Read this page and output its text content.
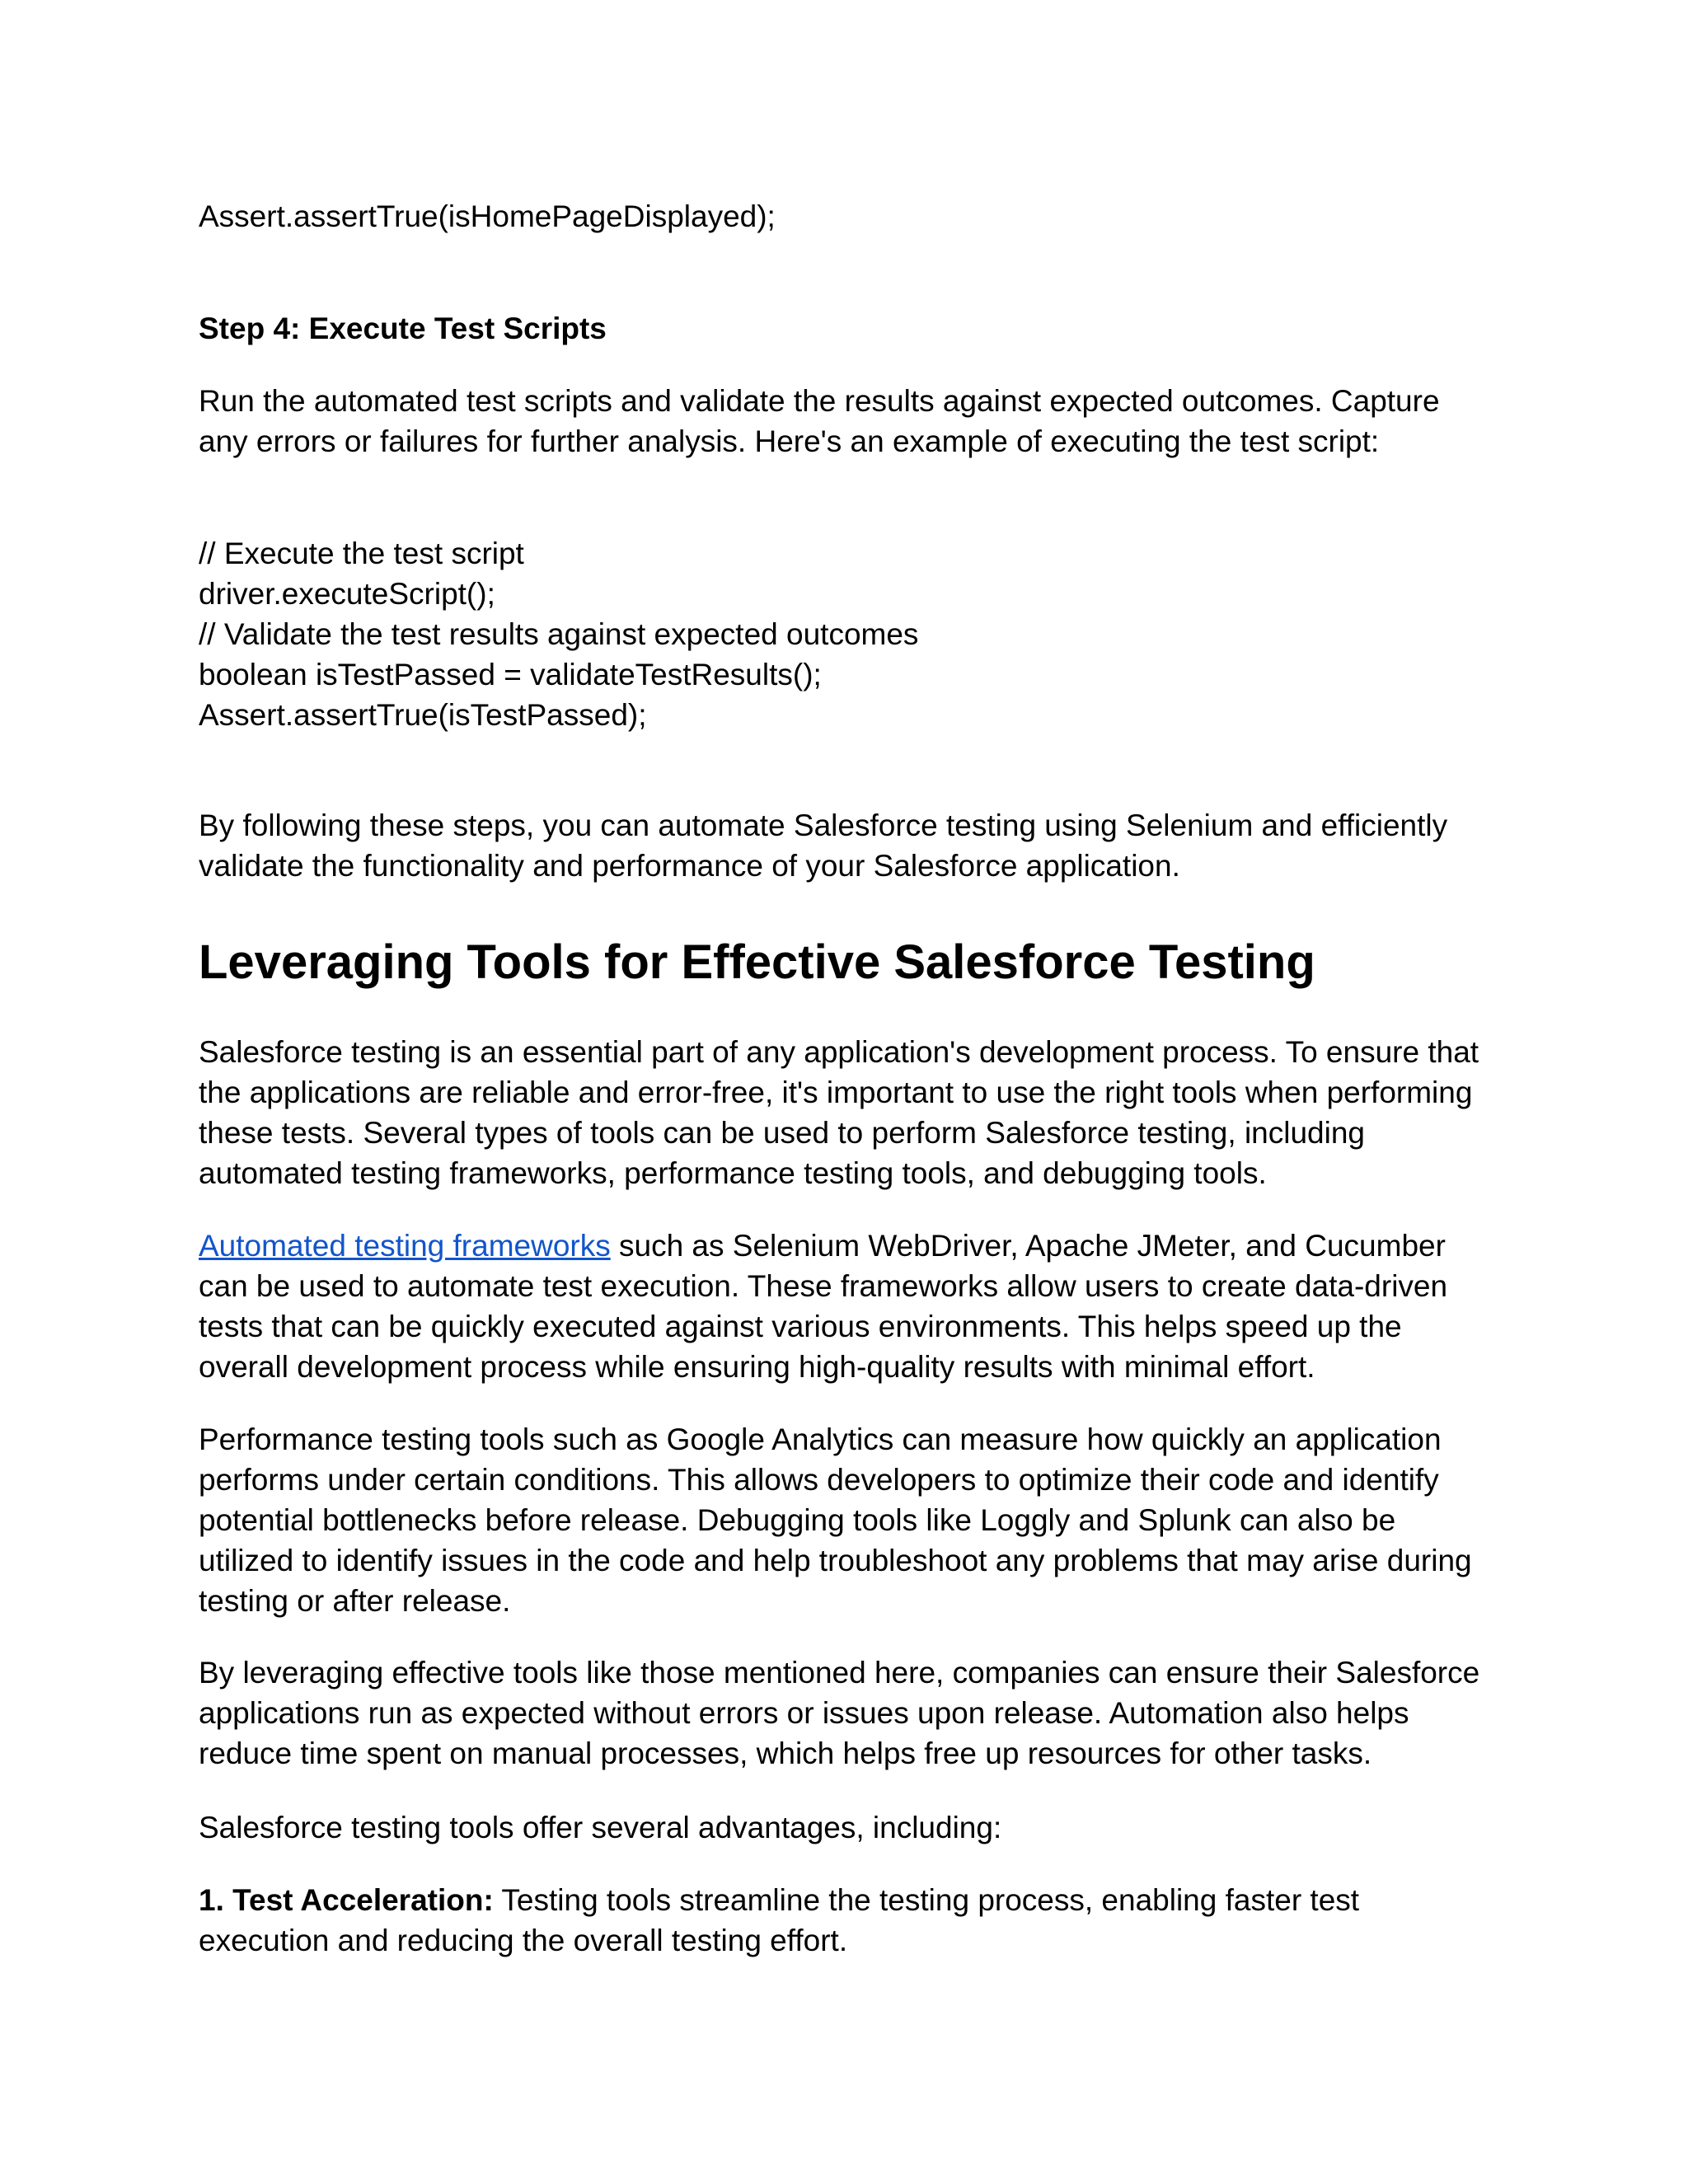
Assert.assertTrue(isHomePageDisplayed);

Step 4: Execute Test Scripts

Run the automated test scripts and validate the results against expected outcomes. Capture

any errors or failures for further analysis. Here's an example of executing the test script:

// Execute the test script

driver.executeScript();

// Validate the test results against expected outcomes

boolean isTestPassed = validateTestResults();

Assert.assertTrue(isTestPassed);

By following these steps, you can automate Salesforce testing using Selenium and efficiently

validate the functionality and performance of your Salesforce application.

Leveraging Tools for Effective Salesforce Testing

Salesforce testing is an essential part of any application's development process. To ensure that

the applications are reliable and error-free, it's important to use the right tools when performing

these tests. Several types of tools can be used to perform Salesforce testing, including

automated testing frameworks, performance testing tools, and debugging tools.

Automated testing frameworks such as Selenium WebDriver, Apache JMeter, and Cucumber

can be used to automate test execution. These frameworks allow users to create data-driven

tests that can be quickly executed against various environments. This helps speed up the

overall development process while ensuring high-quality results with minimal effort.

Performance testing tools such as Google Analytics can measure how quickly an application

performs under certain conditions. This allows developers to optimize their code and identify

potential bottlenecks before release. Debugging tools like Loggly and Splunk can also be

utilized to identify issues in the code and help troubleshoot any problems that may arise during

testing or after release.

By leveraging effective tools like those mentioned here, companies can ensure their Salesforce

applications run as expected without errors or issues upon release. Automation also helps

reduce time spent on manual processes, which helps free up resources for other tasks.

Salesforce testing tools offer several advantages, including:

1. Test Acceleration: Testing tools streamline the testing process, enabling faster test

execution and reducing the overall testing effort.
